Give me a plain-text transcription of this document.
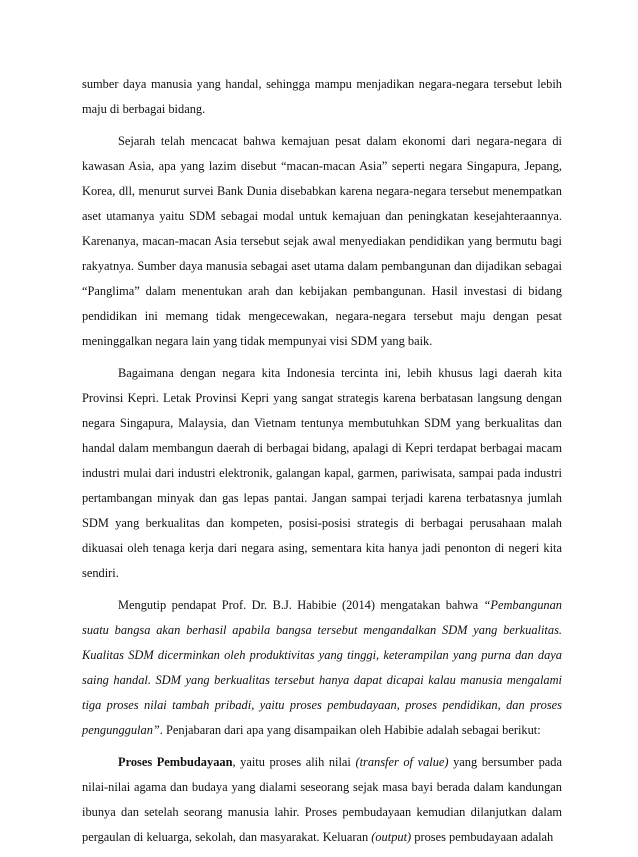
sumber daya manusia yang handal, sehingga mampu menjadikan negara-negara tersebut lebih maju di berbagai bidang.

Sejarah telah mencacat bahwa kemajuan pesat dalam ekonomi dari negara-negara di kawasan Asia, apa yang lazim disebut “macan-macan Asia” seperti negara Singapura, Jepang, Korea, dll, menurut survei Bank Dunia disebabkan karena negara-negara tersebut menempatkan aset utamanya yaitu SDM sebagai modal untuk kemajuan dan peningkatan kesejahteraannya. Karenanya, macan-macan Asia tersebut sejak awal menyediakan pendidikan yang bermutu bagi rakyatnya. Sumber daya manusia sebagai aset utama dalam pembangunan dan dijadikan sebagai “Panglima” dalam menentukan arah dan kebijakan pembangunan. Hasil investasi di bidang pendidikan ini memang tidak mengecewakan, negara-negara tersebut maju dengan pesat meninggalkan negara lain yang tidak mempunyai visi SDM yang baik.

Bagaimana dengan negara kita Indonesia tercinta ini, lebih khusus lagi daerah kita Provinsi Kepri. Letak Provinsi Kepri yang sangat strategis karena berbatasan langsung dengan negara Singapura, Malaysia, dan Vietnam tentunya membutuhkan SDM yang berkualitas dan handal dalam membangun daerah di berbagai bidang, apalagi di Kepri terdapat berbagai macam industri mulai dari industri elektronik, galangan kapal, garmen, pariwisata, sampai pada industri pertambangan minyak dan gas lepas pantai. Jangan sampai terjadi karena terbatasnya jumlah SDM yang berkualitas dan kompeten, posisi-posisi strategis di berbagai perusahaan malah dikuasai oleh tenaga kerja dari negara asing, sementara kita hanya jadi penonton di negeri kita sendiri.

Mengutip pendapat Prof. Dr. B.J. Habibie (2014) mengatakan bahwa “Pembangunan suatu bangsa akan berhasil apabila bangsa tersebut mengandalkan SDM yang berkualitas. Kualitas SDM dicerminkan oleh produktivitas yang tinggi, keterampilan yang purna dan daya saing handal. SDM yang berkualitas tersebut hanya dapat dicapai kalau manusia mengalami tiga proses nilai tambah pribadi, yaitu proses pembudayaan, proses pendidikan, dan proses pengunggulan”. Penjabaran dari apa yang disampaikan oleh Habibie adalah sebagai berikut:

Proses Pembudayaan, yaitu proses alih nilai (transfer of value) yang bersumber pada nilai-nilai agama dan budaya yang dialami seseorang sejak masa bayi berada dalam kandungan ibunya dan setelah seorang manusia lahir. Proses pembudayaan kemudian dilanjutkan dalam pergaulan di keluarga, sekolah, dan masyarakat. Keluaran (output) proses pembudayaan adalah
